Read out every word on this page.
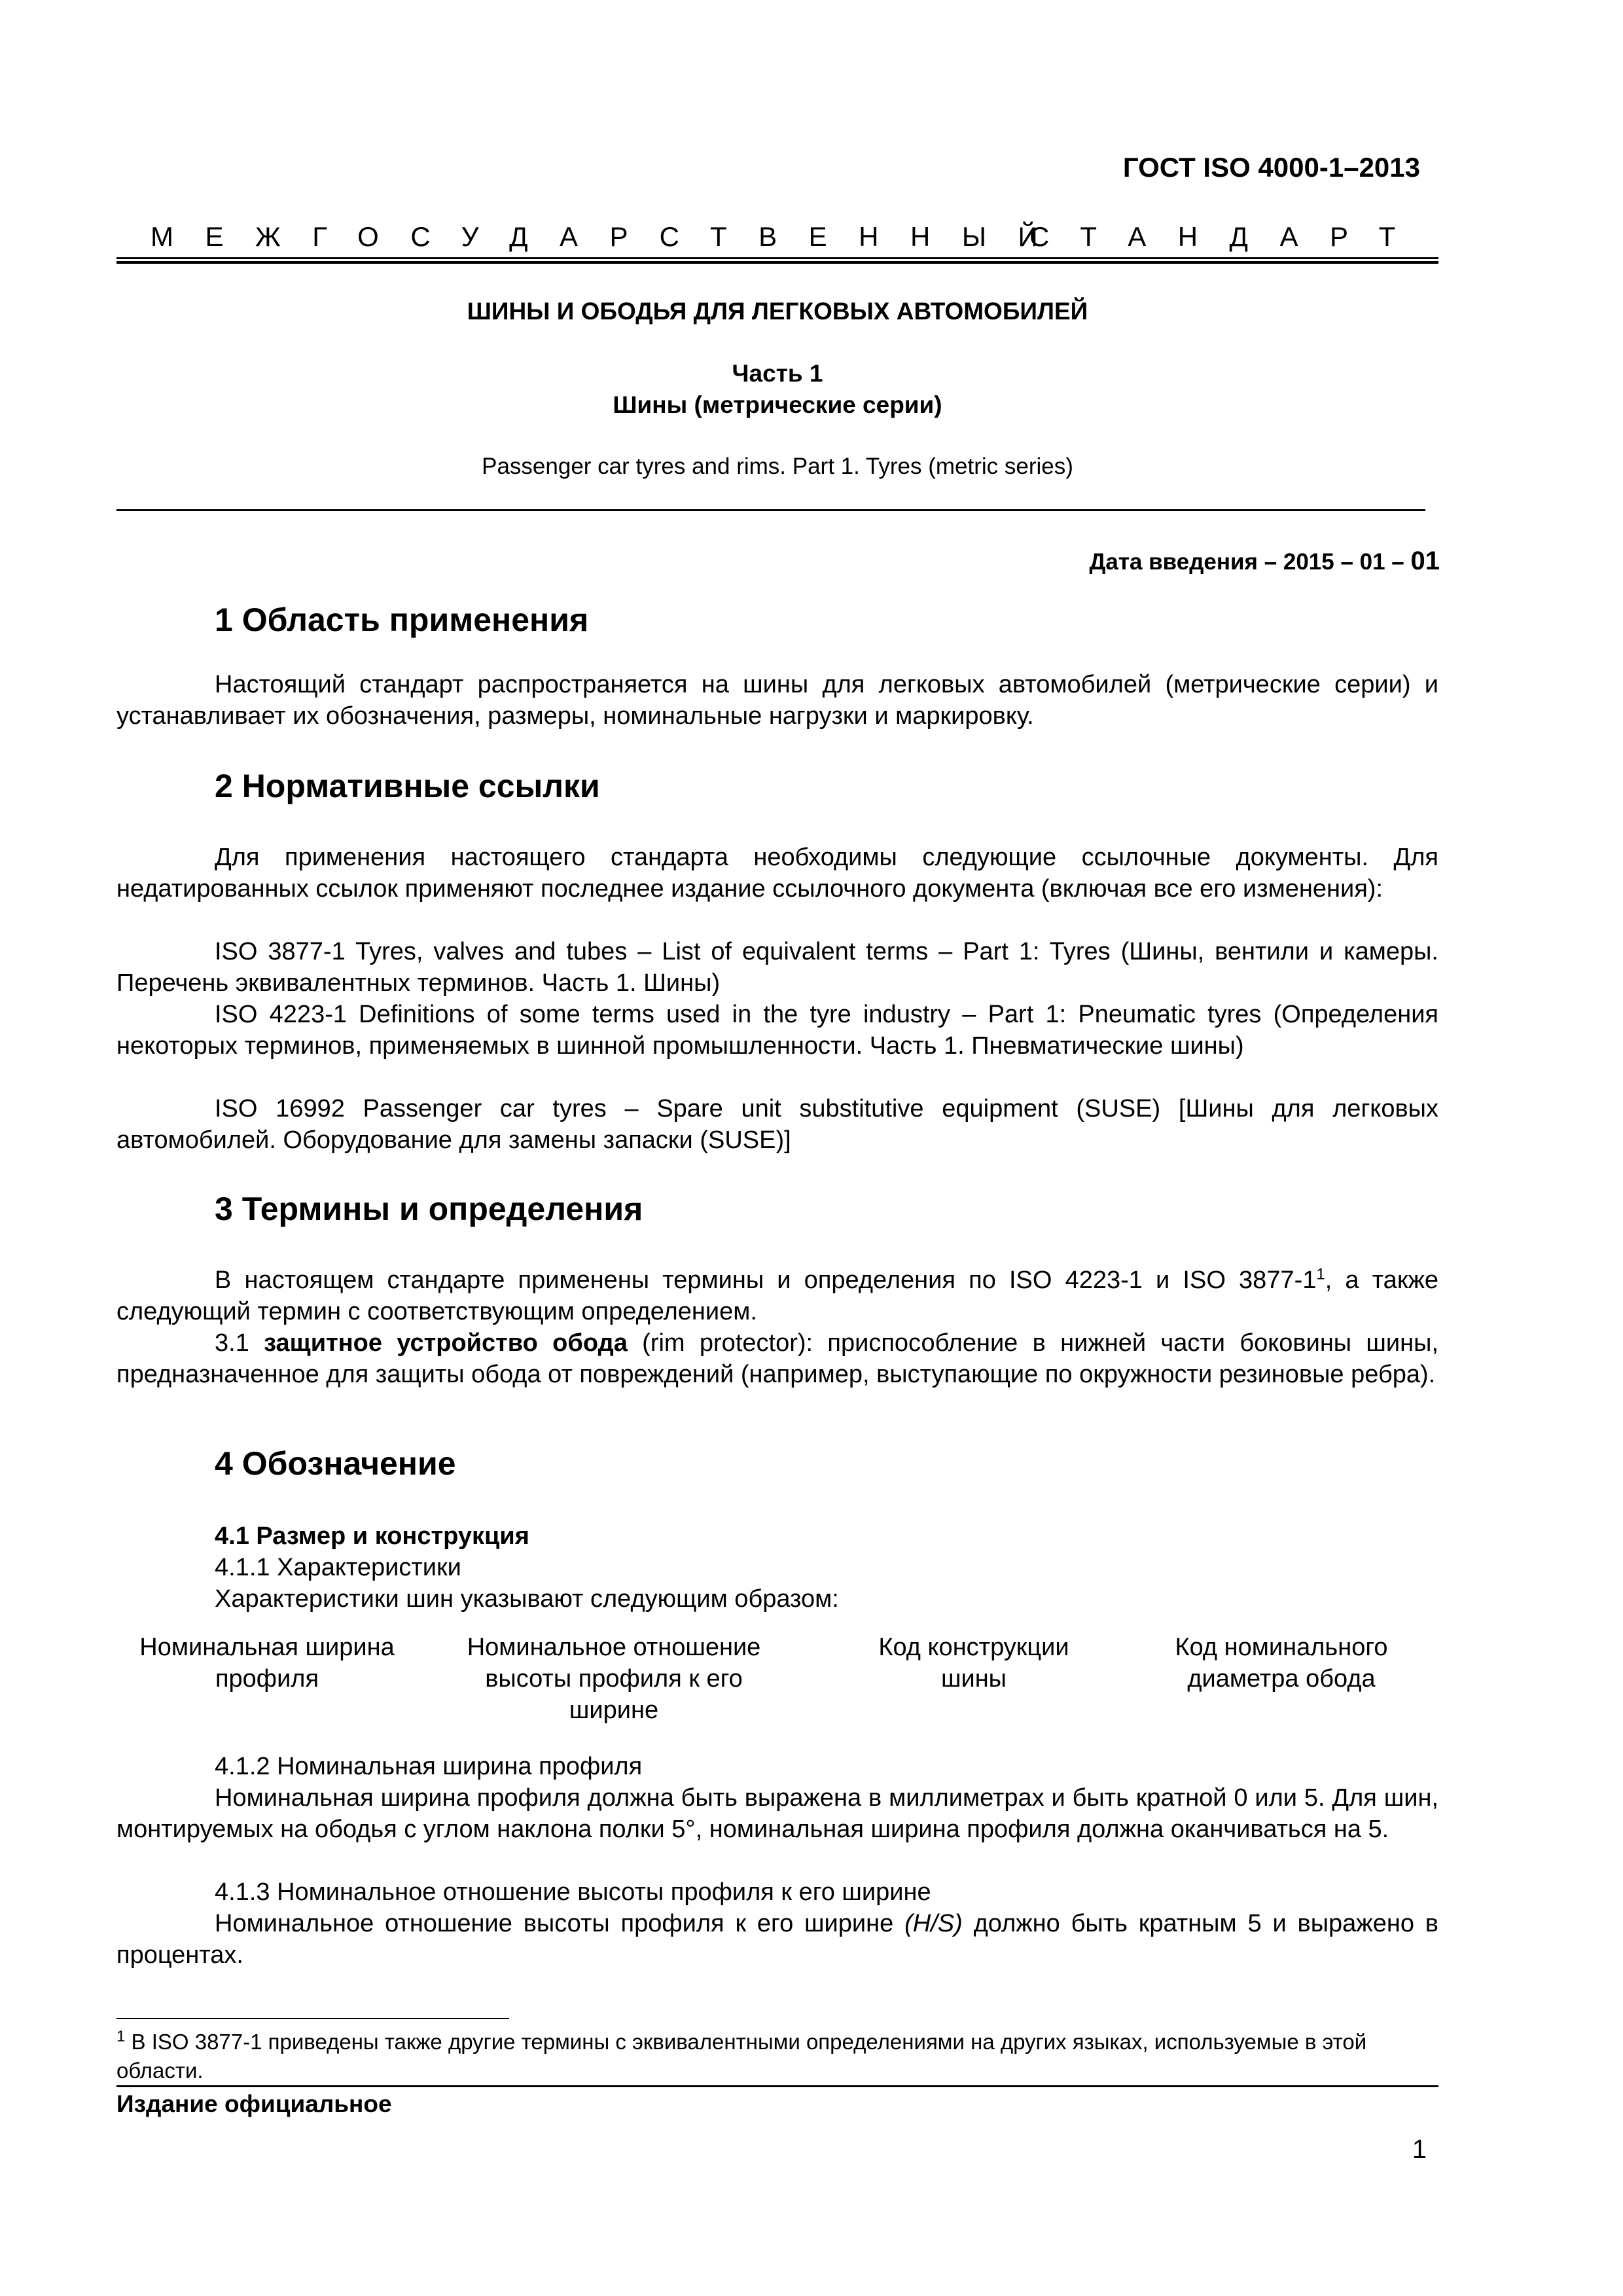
ГОСТ ISO 4000-1–2013
МЕЖГОСУДАРСТВЕННЫЙ
СТАНДАРТ
ШИНЫ И ОБОДЬЯ ДЛЯ ЛЕГКОВЫХ АВТОМОБИЛЕЙ
Часть 1
Шины (метрические серии)
Passenger car tyres and rims. Part 1. Tyres (metric series)
Дата введения – 2015 – 01 – 01
1 Область применения
Настоящий стандарт распространяется на шины для легковых автомобилей (метрические серии) и устанавливает их обозначения, размеры, номинальные нагрузки и маркировку.
2 Нормативные ссылки
Для применения настоящего стандарта необходимы следующие ссылочные документы. Для недатированных ссылок применяют последнее издание ссылочного документа (включая все его изменения):
ISO 3877-1 Tyres, valves and tubes – List of equivalent terms – Part 1: Tyres (Шины, вентили и камеры. Перечень эквивалентных терминов. Часть 1. Шины)
ISO 4223-1 Definitions of some terms used in the tyre industry – Part 1: Pneumatic tyres (Определения некоторых терминов, применяемых в шинной промышленности. Часть 1. Пневматические шины)
ISO 16992 Passenger car tyres – Spare unit substitutive equipment (SUSE) [Шины для легковых автомобилей. Оборудование для замены запаски (SUSE)]
3 Термины и определения
В настоящем стандарте применены термины и определения по ISO 4223-1 и ISO $3877-1^1$, а также следующий термин с соответствующим определением.
3.1 защитное устройство обода (rim protector): приспособление в нижней части боковины шины, предназначенное для защиты обода от повреждений (например, выступающие по окружности резиновые ребра).
4 Обозначение
4.1 Размер и конструкция
4.1.1 Характеристики
Характеристики шин указывают следующим образом:
Номинальная ширина профиля
Номинальное отношение высоты профиля к его ширине
Код конструкции шины
Код номинального диаметра обода
4.1.2 Номинальная ширина профиля
Номинальная ширина профиля должна быть выражена в миллиметрах и быть кратной 0 или 5. Для шин, монтируемых на ободья с углом наклона полки 5°, номинальная ширина профиля должна оканчиваться на 5.
4.1.3 Номинальное отношение высоты профиля к его ширине
Номинальное отношение высоты профиля к его ширине (H/S) должно быть кратным 5 и выражено в процентах.
$^1$ В ISO 3877-1 приведены также другие термины с эквивалентными определениями на других языках, используемые в этой области.
Издание официальное
1
